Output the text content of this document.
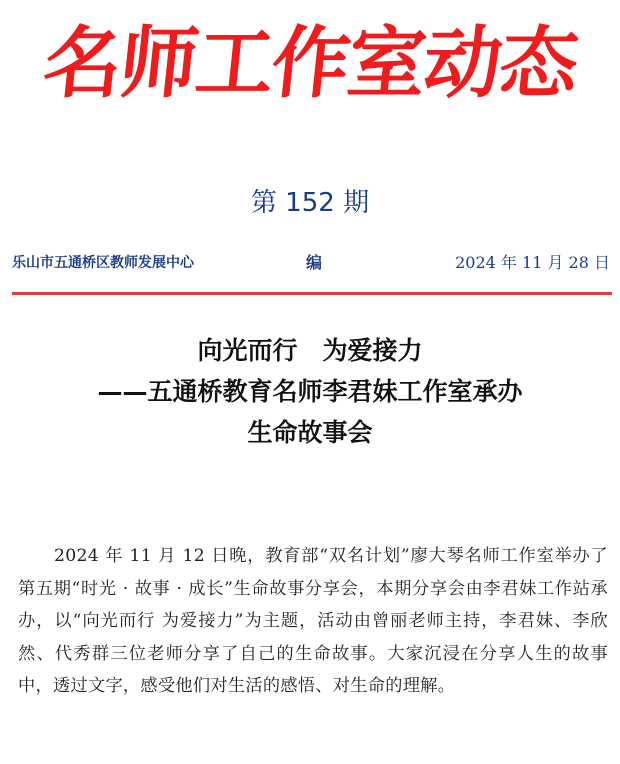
名师工作室动态
第 152 期
乐山市五通桥区教师发展中心	编	2024 年 11 月 28 日
向光而行　为爱接力
——五通桥教育名师李君妹工作室承办
生命故事会
　　2024 年 11 月 12 日晚，教育部“双名计划”廖大琴名师工作室举办了第五期“时光 · 故事 · 成长”生命故事分享会，本期分享会由李君妹工作站承办，以“向光而行 为爱接力”为主题，活动由曾丽老师主持，李君妹、李欣然、代秀群三位老师分享了自己的生命故事。大家沉浸在分享人生的故事中，透过文字，感受他们对生活的感悟、对生命的理解。
